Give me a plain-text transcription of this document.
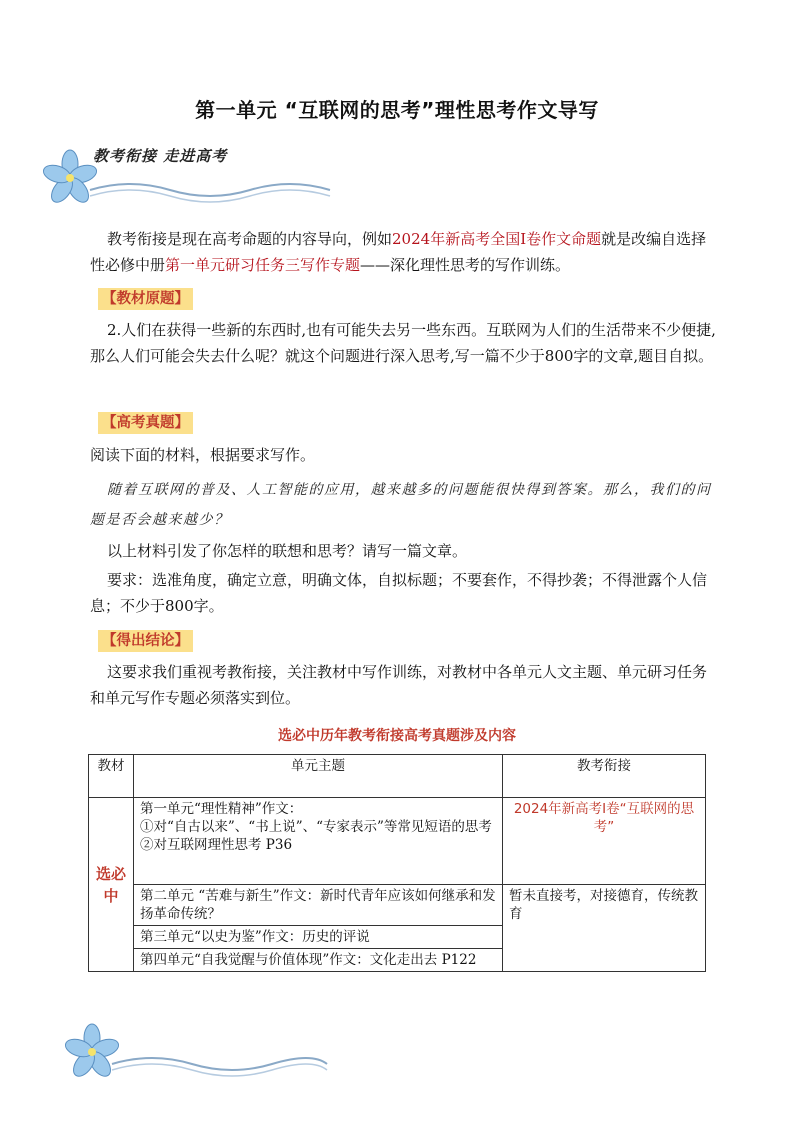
第一单元 “互联网的思考”理性思考作文导写
教考衔接 走进高考
教考衔接是现在高考命题的内容导向，例如2024年新高考全国Ⅰ卷作文命题就是改编自选择性必修中册第一单元研习任务三写作专题——深化理性思考的写作训练。
【教材原题】
2.人们在获得一些新的东西时,也有可能失去另一些东西。互联网为人们的生活带来不少便捷,那么人们可能会失去什么呢？就这个问题进行深入思考,写一篇不少于800字的文章,题目自拟。
【高考真题】
阅读下面的材料，根据要求写作。
随着互联网的普及、人工智能的应用，越来越多的问题能很快得到答案。那么，我们的问题是否会越来越少？
以上材料引发了你怎样的联想和思考？请写一篇文章。
要求：选准角度，确定立意，明确文体，自拟标题；不要套作，不得抄袭；不得泄露个人信息；不少于800字。
【得出结论】
这要求我们重视考教衔接，关注教材中写作训练，对教材中各单元人文主题、单元研习任务和单元写作专题必须落实到位。
选必中历年教考衔接高考真题涉及内容
教材	单元主题	教考衔接
选必中	第一单元“理性精神”作文：
①对“自古以来”、“书上说”、“专家表示”等常见短语的思考
②对互联网理性思考 P36	2024年新高考Ⅰ卷“互联网的思考”
	第二单元 “苦难与新生”作文：新时代青年应该如何继承和发扬革命传统？	暂未直接考，对接德育，传统教育
	第三单元“以史为鉴”作文：历史的评说	
	第四单元“自我觉醒与价值体现”作文：文化走出去 P122	
